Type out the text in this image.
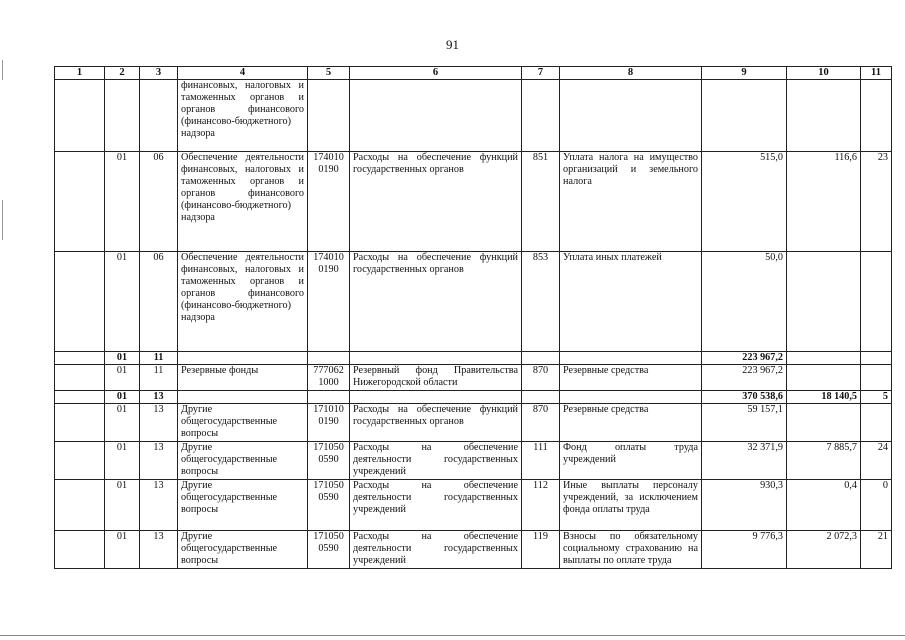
91
1	2	3	4	5	6	7	8	9	10	11
			финансовых, налоговых и таможенных органов и органов финансового (финансово-бюджетного) надзора							
	01	06	Обеспечение деятельности финансовых, налоговых и таможенных органов и органов финансового (финансово-бюджетного) надзора	174010 0190	Расходы на обеспечение функций государственных органов	851	Уплата налога на имущество организаций и земельного налога	515,0	116,6	23
	01	06	Обеспечение деятельности финансовых, налоговых и таможенных органов и органов финансового (финансово-бюджетного) надзора	174010 0190	Расходы на обеспечение функций государственных органов	853	Уплата иных платежей	50,0		
	01	11						223 967,2		
	01	11	Резервные фонды	777062 1000	Резервный фонд Правительства Нижегородской области	870	Резервные средства	223 967,2		
	01	13						370 538,6	18 140,5	5
	01	13	Другие общегосударственные вопросы	171010 0190	Расходы на обеспечение функций государственных органов	870	Резервные средства	59 157,1		
	01	13	Другие общегосударственные вопросы	171050 0590	Расходы на обеспечение деятельности государственных учреждений	111	Фонд оплаты труда учреждений	32 371,9	7 885,7	24
	01	13	Другие общегосударственные вопросы	171050 0590	Расходы на обеспечение деятельности государственных учреждений	112	Иные выплаты персоналу учреждений, за исключением фонда оплаты труда	930,3	0,4	0
	01	13	Другие общегосударственные вопросы	171050 0590	Расходы на обеспечение деятельности государственных учреждений	119	Взносы по обязательному социальному страхованию на выплаты по оплате труда	9 776,3	2 072,3	21
